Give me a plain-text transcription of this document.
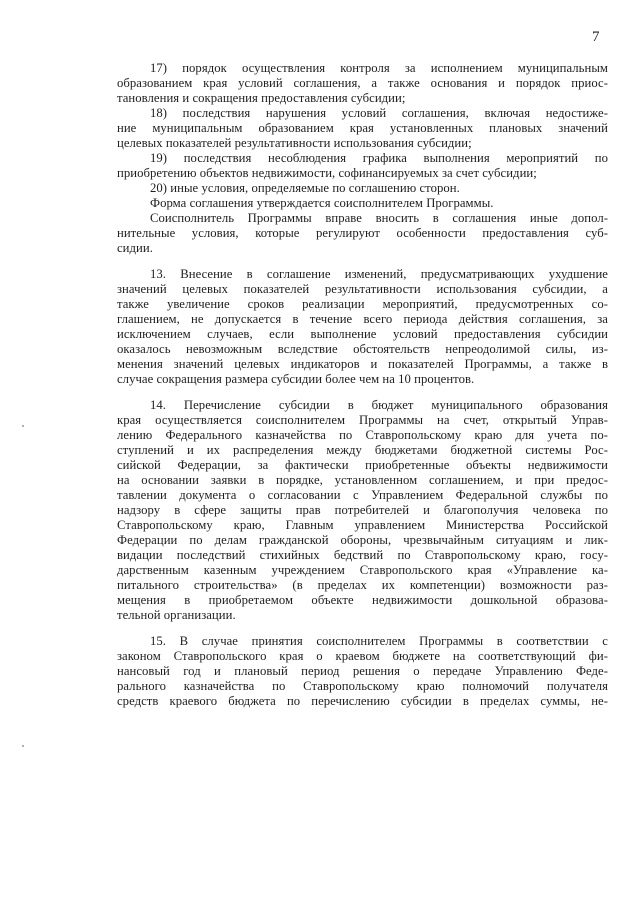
7
17) порядок осуществления контроля за исполнением муниципальным
образованием края условий соглашения, а также основания и порядок приос-
тановления и сокращения предоставления субсидии;
18) последствия нарушения условий соглашения, включая недостиже-
ние муниципальным образованием края установленных плановых значений
целевых показателей результативности использования субсидии;
19) последствия несоблюдения графика выполнения мероприятий по
приобретению объектов недвижимости, софинансируемых за счет субсидии;
20) иные условия, определяемые по соглашению сторон.
Форма соглашения утверждается соисполнителем Программы.
Соисполнитель Программы вправе вносить в соглашения иные допол-
нительные условия, которые регулируют особенности предоставления суб-
сидии.
13. Внесение в соглашение изменений, предусматривающих ухудшение
значений целевых показателей результативности использования субсидии, а
также увеличение сроков реализации мероприятий, предусмотренных со-
глашением, не допускается в течение всего периода действия соглашения, за
исключением случаев, если выполнение условий предоставления субсидии
оказалось невозможным вследствие обстоятельств непреодолимой силы, из-
менения значений целевых индикаторов и показателей Программы, а также в
случае сокращения размера субсидии более чем на 10 процентов.
14. Перечисление субсидии в бюджет муниципального образования
края осуществляется соисполнителем Программы на счет, открытый Управ-
лению Федерального казначейства по Ставропольскому краю для учета по-
ступлений и их распределения между бюджетами бюджетной системы Рос-
сийской Федерации, за фактически приобретенные объекты недвижимости
на основании заявки в порядке, установленном соглашением, и при предос-
тавлении документа о согласовании с Управлением Федеральной службы по
надзору в сфере защиты прав потребителей и благополучия человека по
Ставропольскому краю, Главным управлением Министерства Российской
Федерации по делам гражданской обороны, чрезвычайным ситуациям и лик-
видации последствий стихийных бедствий по Ставропольскому краю, госу-
дарственным казенным учреждением Ставропольского края «Управление ка-
питального строительства» (в пределах их компетенции) возможности раз-
мещения в приобретаемом объекте недвижимости дошкольной образова-
тельной организации.
15. В случае принятия соисполнителем Программы в соответствии с
законом Ставропольского края о краевом бюджете на соответствующий фи-
нансовый год и плановый период решения о передаче Управлению Феде-
рального казначейства по Ставропольскому краю полномочий получателя
средств краевого бюджета по перечислению субсидии в пределах суммы, не-
